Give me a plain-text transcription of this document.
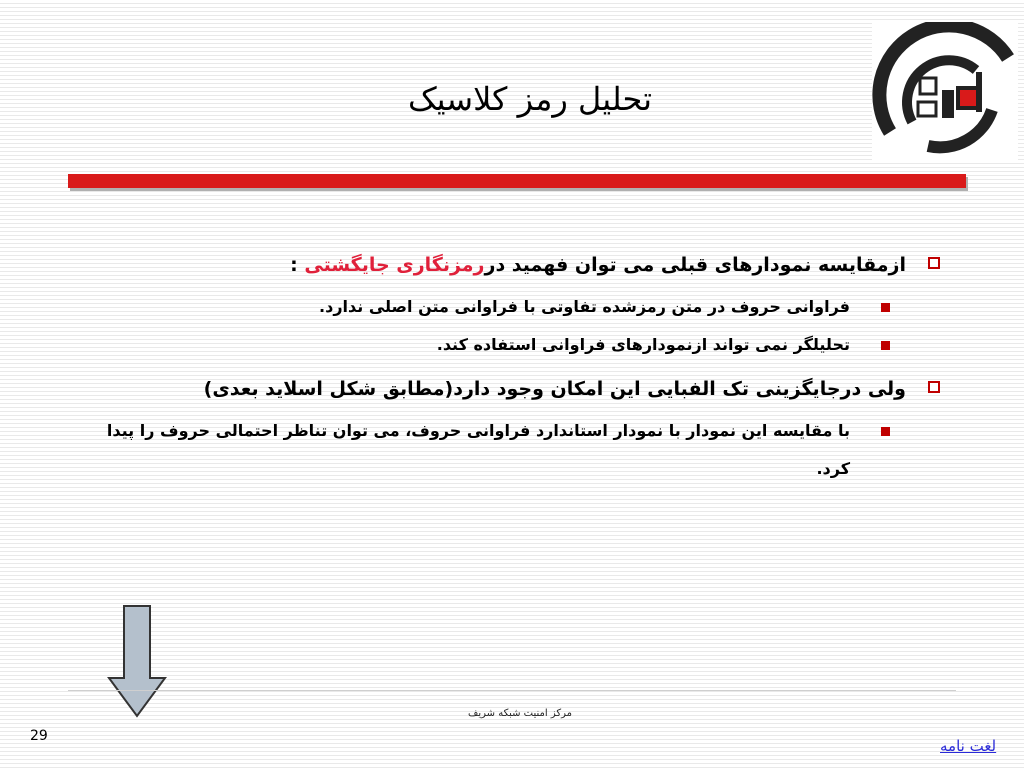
تحلیل رمز کلاسیک
ازمقایسه نمودارهای قبلی می توان فهمید دررمزنگاری جایگشتی :
فراوانی حروف در متن رمزشده تفاوتی با فراوانی متن اصلی ندارد.
تحلیلگر نمی تواند ازنمودارهای فراوانی استفاده کند.
ولی درجایگزینی تک الفبایی این امکان وجود دارد(مطابق شکل اسلاید بعدی)
با مقایسه این نمودار با نمودار استاندارد فراوانی حروف، می توان تناظر احتمالی حروف را پیدا کرد.
مرکز امنیت شبکه شریف
29
لغت نامه
